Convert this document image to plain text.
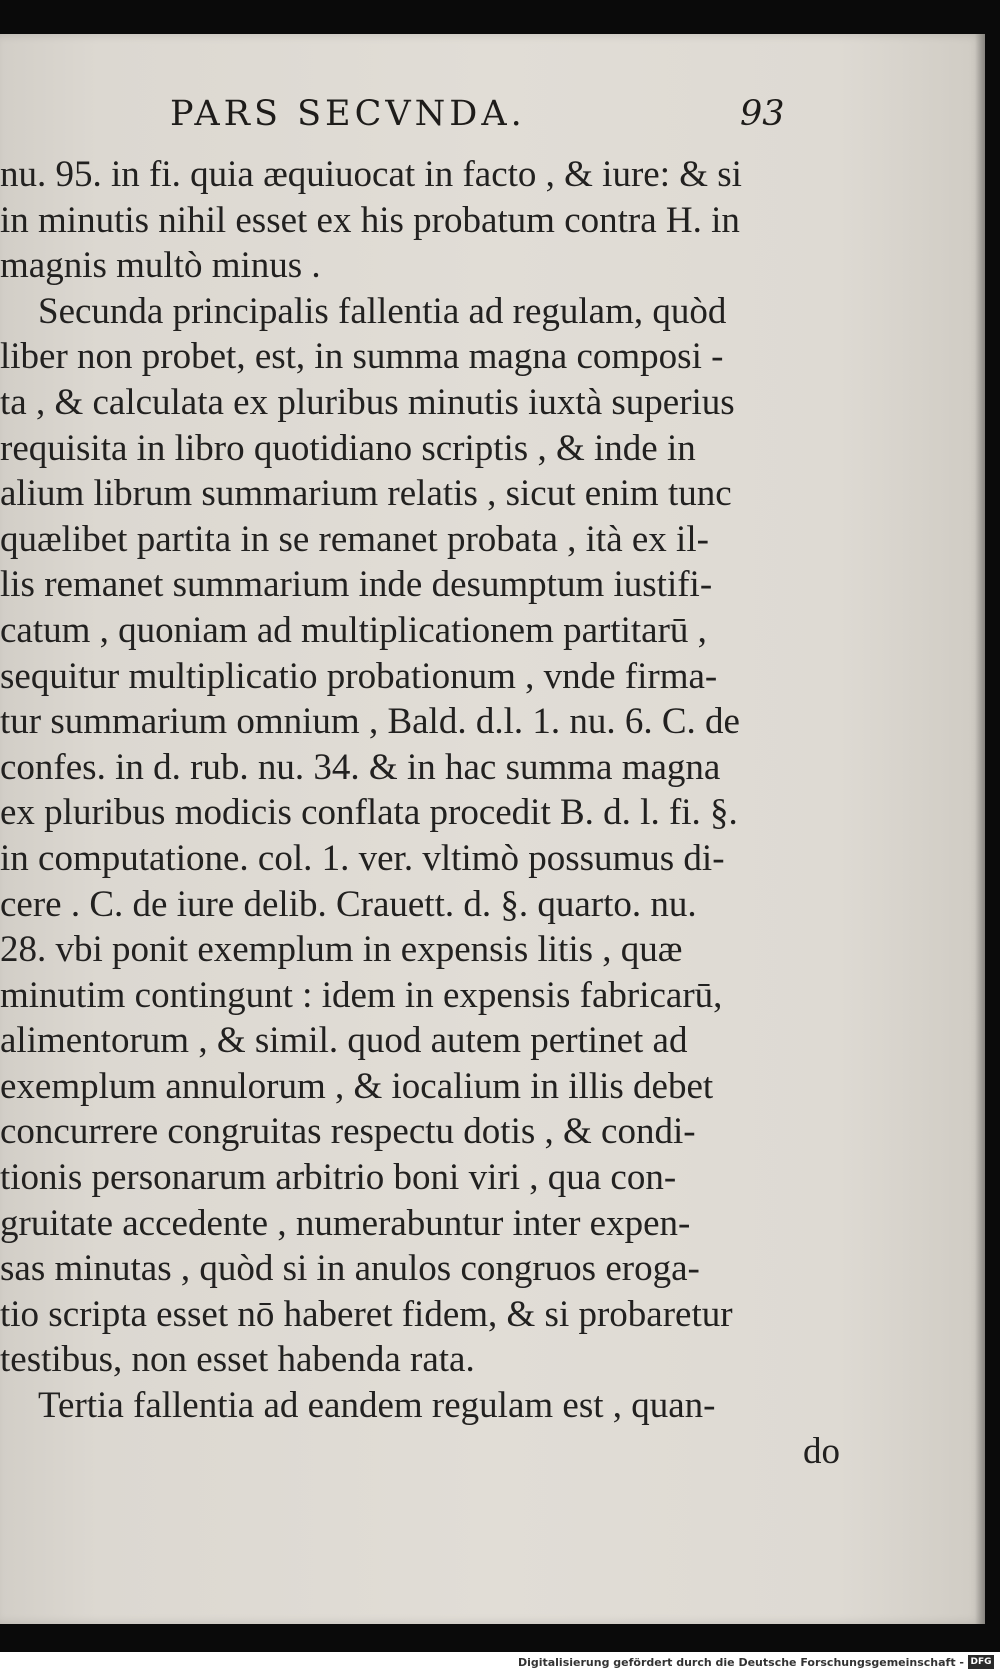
PARS SECVNDA.	93
nu. 95. in fi. quia æquiuocat in facto , & iure: & si
in minutis nihil esset ex his probatum contra H. in
magnis multò minus .
Secunda principalis fallentia ad regulam, quòd
liber non probet, est, in summa magna composi -
ta , & calculata ex pluribus minutis iuxtà superius
requisita in libro quotidiano scriptis , & inde in
alium librum summarium relatis , sicut enim tunc
quælibet partita in se remanet probata , ità ex il-
lis remanet summarium inde desumptum iustifi-
catum , quoniam ad multiplicationem partitarū ,
sequitur multiplicatio probationum , vnde firma-
tur summarium omnium , Bald. d.l. 1. nu. 6. C. de
confes. in d. rub. nu. 34. & in hac summa magna
ex pluribus modicis conflata procedit B. d. l. fi. §.
in computatione. col. 1. ver. vltimò possumus di-
cere . C. de iure delib. Crauett. d. §. quarto. nu.
28. vbi ponit exemplum in expensis litis , quæ
minutim contingunt : idem in expensis fabricarū,
alimentorum , & simil. quod autem pertinet ad
exemplum annulorum , & iocalium in illis debet
concurrere congruitas respectu dotis , & condi-
tionis personarum arbitrio boni viri , qua con-
gruitate accedente , numerabuntur inter expen-
sas minutas , quòd si in anulos congruos eroga-
tio scripta esset nō haberet fidem, & si probaretur
testibus, non esset habenda rata.
Tertia fallentia ad eandem regulam est , quan-
do
Digitalisierung gefördert durch die Deutsche Forschungsgemeinschaft - DFG
